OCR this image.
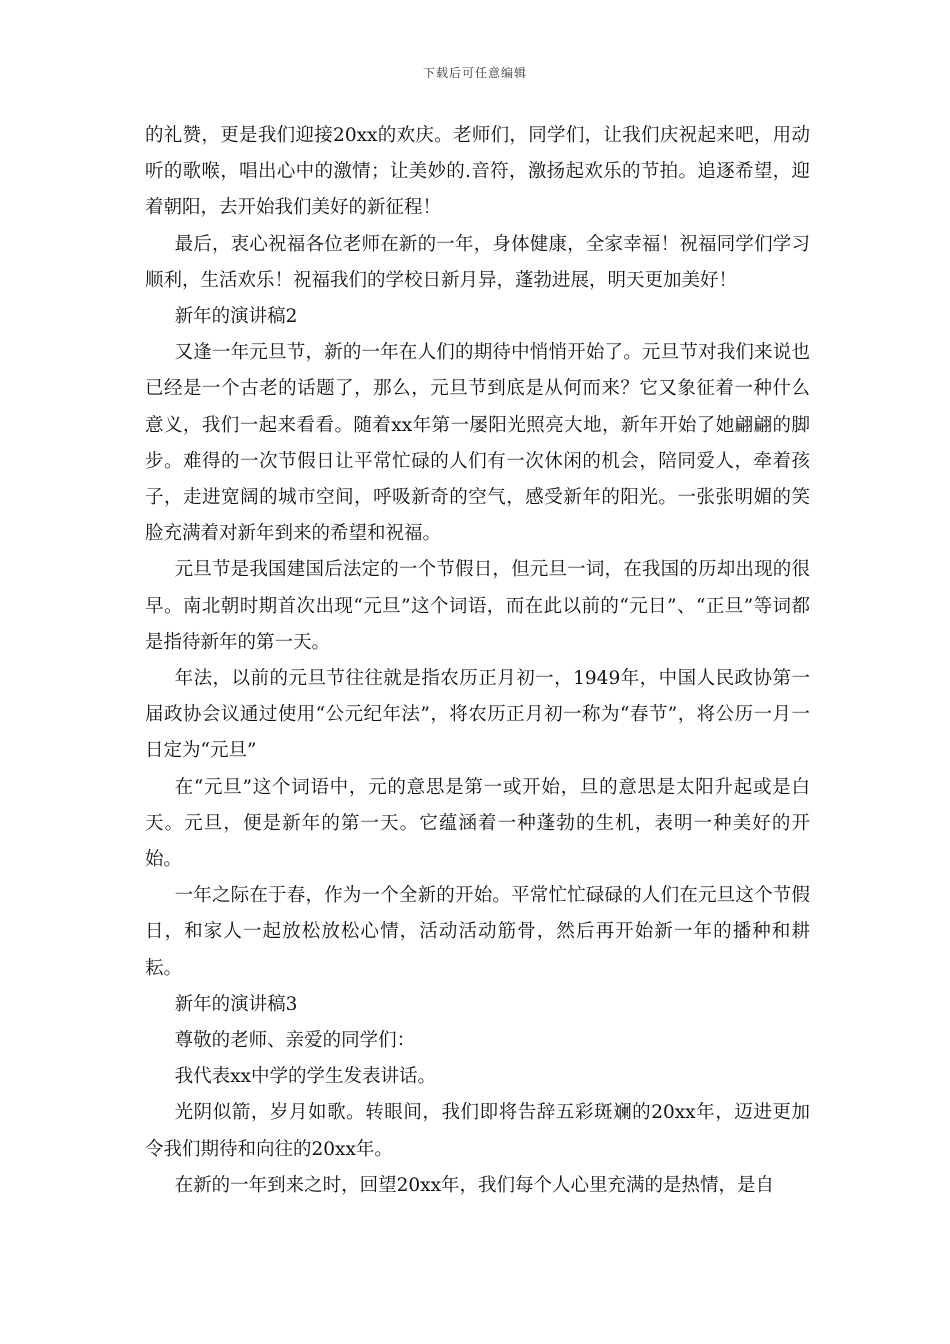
下载后可任意编辑

的礼赞，更是我们迎接20xx的欢庆。老师们，同学们，让我们庆祝起来吧，用动听的歌喉，唱出心中的激情；让美妙的.音符，激扬起欢乐的节拍。追逐希望，迎着朝阳，去开始我们美好的新征程！

最后，衷心祝福各位老师在新的一年，身体健康，全家幸福！祝福同学们学习顺利，生活欢乐！祝福我们的学校日新月异，蓬勃进展，明天更加美好！

新年的演讲稿2

又逢一年元旦节，新的一年在人们的期待中悄悄开始了。元旦节对我们来说也已经是一个古老的话题了，那么，元旦节到底是从何而来？它又象征着一种什么意义，我们一起来看看。随着xx年第一屡阳光照亮大地，新年开始了她翩翩的脚步。难得的一次节假日让平常忙碌的人们有一次休闲的机会，陪同爱人，牵着孩子，走进宽阔的城市空间，呼吸新奇的空气，感受新年的阳光。一张张明媚的笑脸充满着对新年到来的希望和祝福。

元旦节是我国建国后法定的一个节假日，但元旦一词，在我国的历却出现的很早。南北朝时期首次出现“元旦”这个词语，而在此以前的“元日”、“正旦”等词都是指待新年的第一天。

年法，以前的元旦节往往就是指农历正月初一，1949年，中国人民政协第一届政协会议通过使用“公元纪年法”，将农历正月初一称为“春节”，将公历一月一日定为“元旦”

在“元旦”这个词语中，元的意思是第一或开始，旦的意思是太阳升起或是白天。元旦，便是新年的第一天。它蕴涵着一种蓬勃的生机，表明一种美好的开始。

一年之际在于春，作为一个全新的开始。平常忙忙碌碌的人们在元旦这个节假日，和家人一起放松放松心情，活动活动筋骨，然后再开始新一年的播种和耕耘。

新年的演讲稿3

尊敬的老师、亲爱的同学们：

我代表xx中学的学生发表讲话。

光阴似箭，岁月如歌。转眼间，我们即将告辞五彩斑斓的20xx年，迈进更加令我们期待和向往的20xx年。

在新的一年到来之时，回望20xx年，我们每个人心里充满的是热情，是自
